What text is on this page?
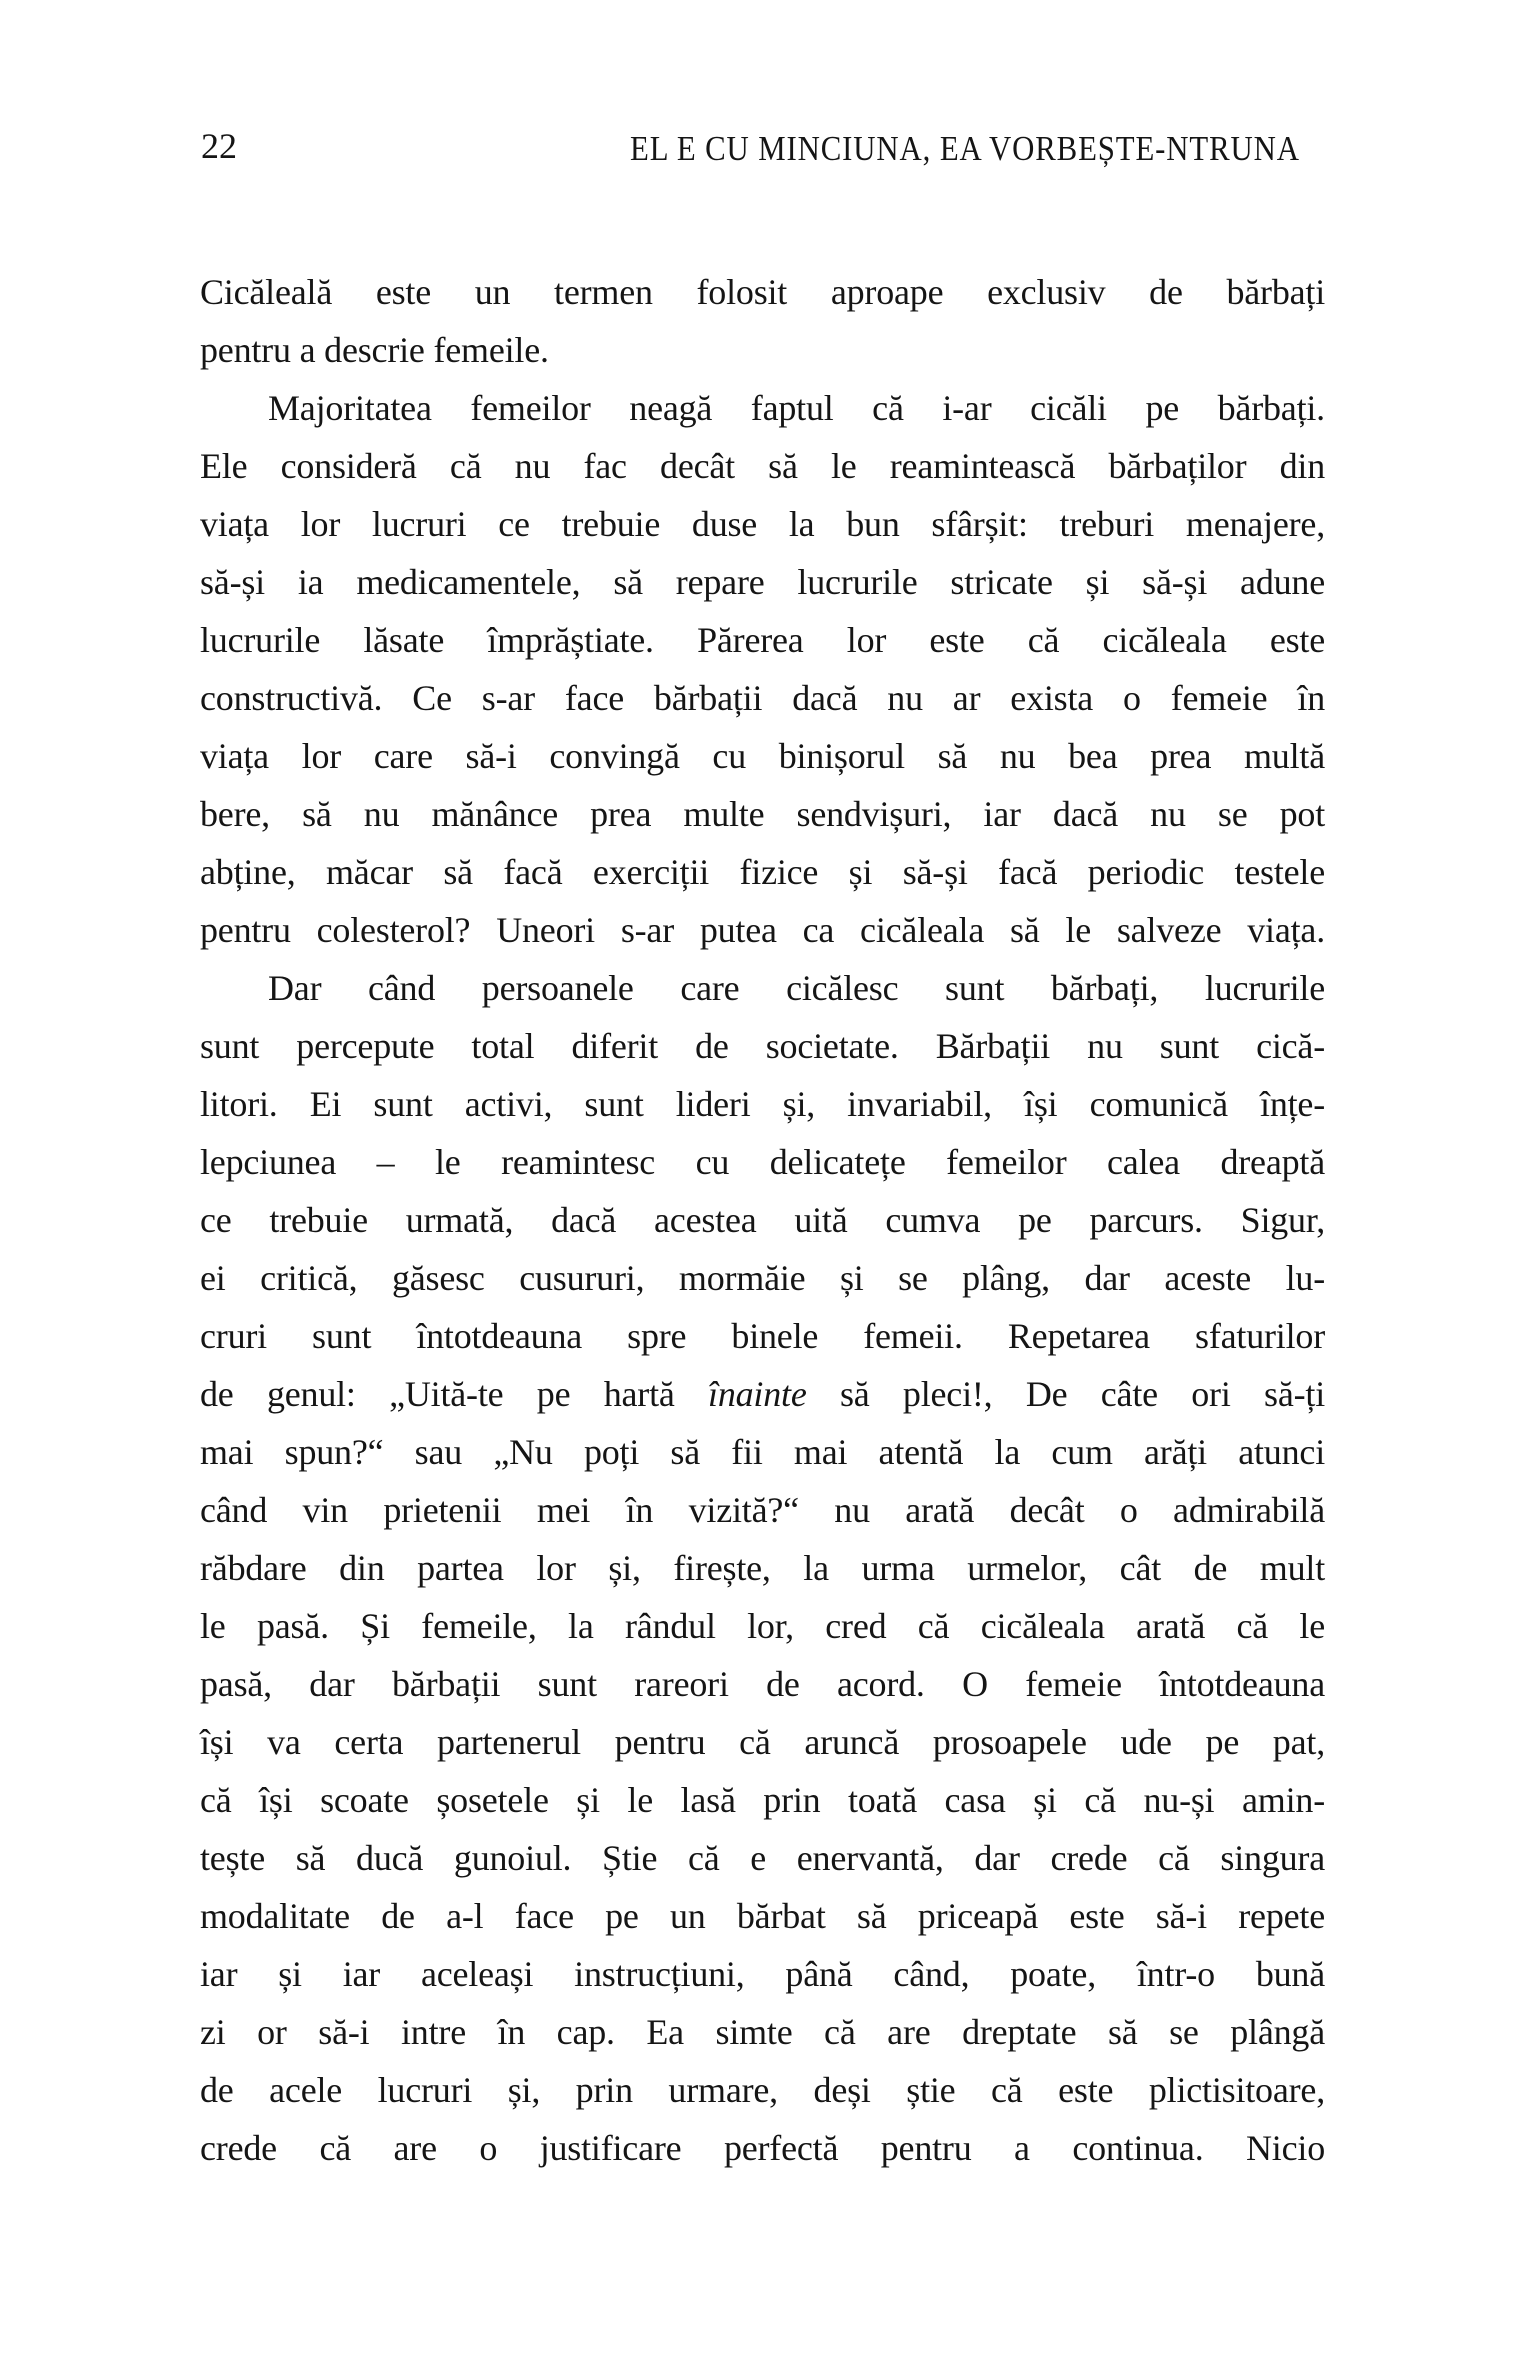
22	EL E CU MINCIUNA, EA VORBEȘTE-NTRUNA
Cicăleală este un termen folosit aproape exclusiv de bărbați
pentru a descrie femeile.
Majoritatea femeilor neagă faptul că i-ar cicăli pe bărbați.
Ele consideră că nu fac decât să le reamintească bărbaților din
viața lor lucruri ce trebuie duse la bun sfârșit: treburi menajere,
să-și ia medicamentele, să repare lucrurile stricate și să-și adune
lucrurile lăsate împrăștiate. Părerea lor este că cicăleala este
constructivă. Ce s-ar face bărbații dacă nu ar exista o femeie în
viața lor care să-i convingă cu binișorul să nu bea prea multă
bere, să nu mănânce prea multe sendvișuri, iar dacă nu se pot
abține, măcar să facă exerciții fizice și să-și facă periodic testele
pentru colesterol? Uneori s-ar putea ca cicăleala să le salveze viața.
Dar când persoanele care cicălesc sunt bărbați, lucrurile
sunt percepute total diferit de societate. Bărbații nu sunt cică-
litori. Ei sunt activi, sunt lideri și, invariabil, își comunică înțe-
lepciunea – le reamintesc cu delicatețe femeilor calea dreaptă
ce trebuie urmată, dacă acestea uită cumva pe parcurs. Sigur,
ei critică, găsesc cusururi, mormăie și se plâng, dar aceste lu-
cruri sunt întotdeauna spre binele femeii. Repetarea sfaturilor
de genul: „Uită-te pe hartă înainte să pleci!, De câte ori să-ți
mai spun?“ sau „Nu poți să fii mai atentă la cum arăți atunci
când vin prietenii mei în vizită?“ nu arată decât o admirabilă
răbdare din partea lor și, firește, la urma urmelor, cât de mult
le pasă. Și femeile, la rândul lor, cred că cicăleala arată că le
pasă, dar bărbații sunt rareori de acord. O femeie întotdeauna
își va certa partenerul pentru că aruncă prosoapele ude pe pat,
că își scoate șosetele și le lasă prin toată casa și că nu-și amin-
tește să ducă gunoiul. Știe că e enervantă, dar crede că singura
modalitate de a-l face pe un bărbat să priceapă este să-i repete
iar și iar aceleași instrucțiuni, până când, poate, într-o bună
zi or să-i intre în cap. Ea simte că are dreptate să se plângă
de acele lucruri și, prin urmare, deși știe că este plictisitoare,
crede că are o justificare perfectă pentru a continua. Nicio
